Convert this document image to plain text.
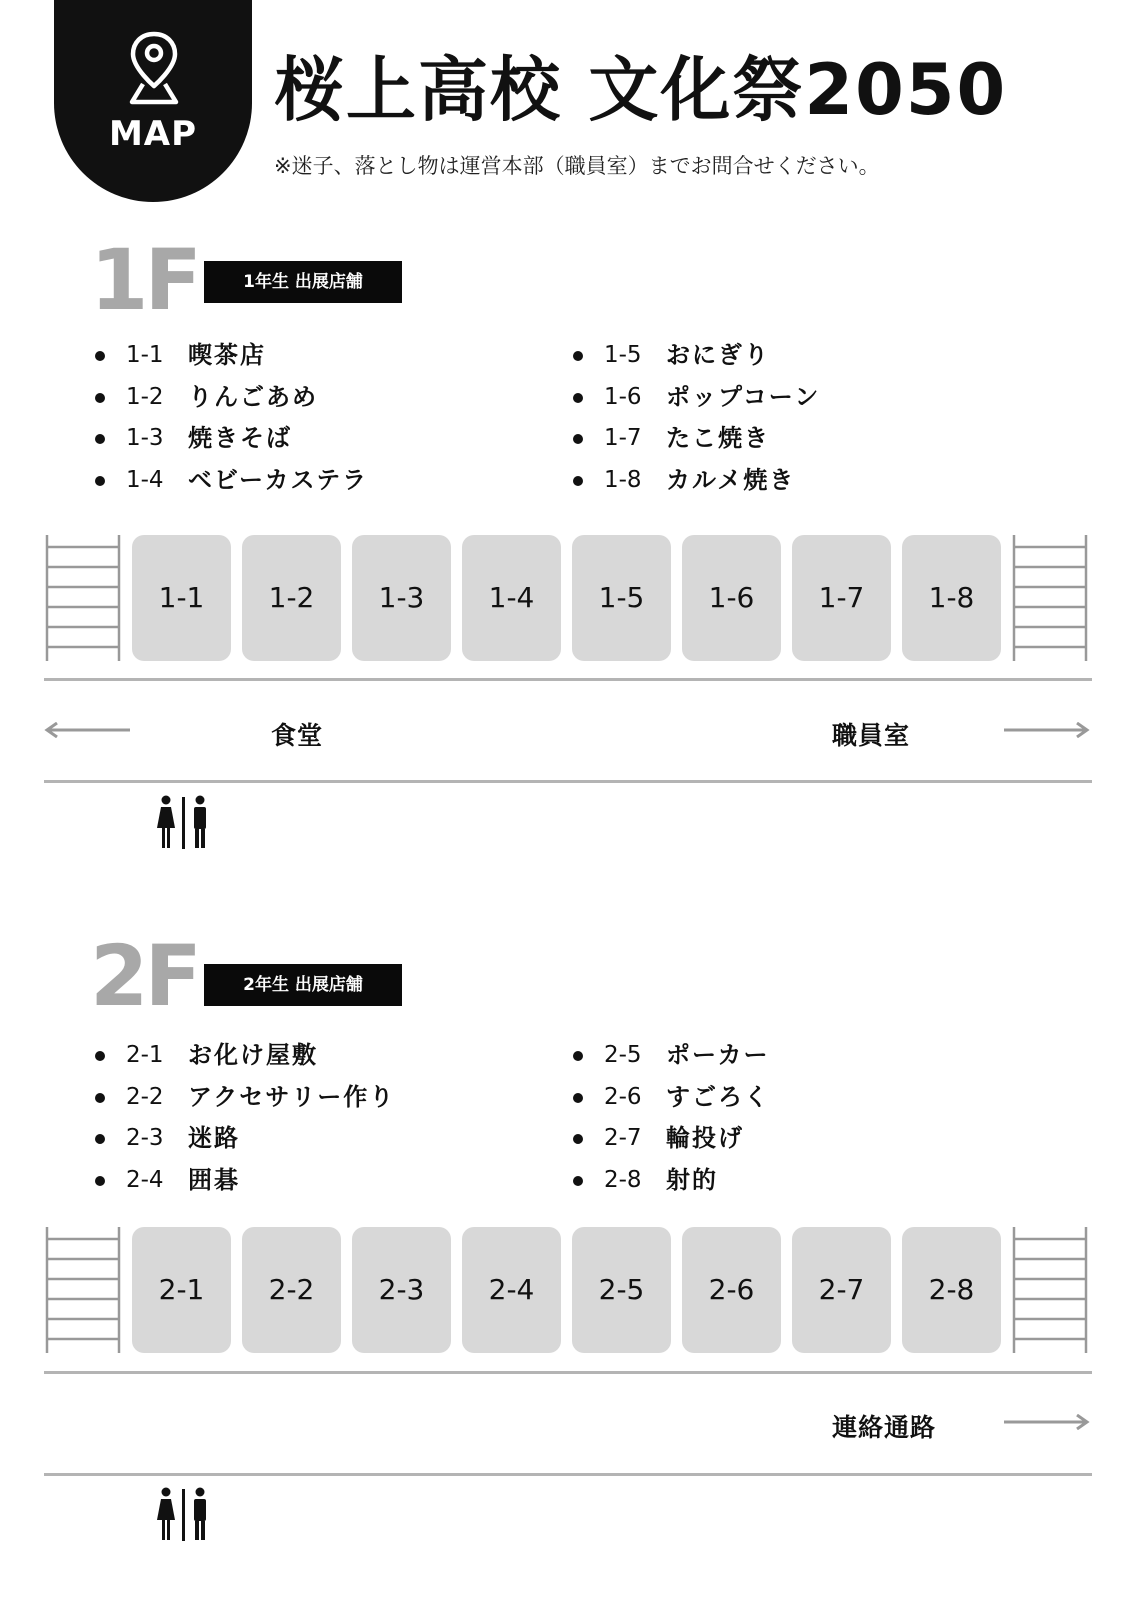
MAP
桜上高校 文化祭2050
※迷子、落とし物は運営本部（職員室）までお問合せください。
1F	1年生 出展店舗
1-1 喫茶店
1-2 りんごあめ
1-3 焼きそば
1-4 ベビーカステラ
1-5 おにぎり
1-6 ポップコーン
1-7 たこ焼き
1-8 カルメ焼き
1-1	1-2	1-3	1-4	1-5	1-6	1-7	1-8
食堂	職員室
2F	2年生 出展店舗
2-1 お化け屋敷
2-2 アクセサリー作り
2-3 迷路
2-4 囲碁
2-5 ポーカー
2-6 すごろく
2-7 輪投げ
2-8 射的
2-1	2-2	2-3	2-4	2-5	2-6	2-7	2-8
連絡通路
